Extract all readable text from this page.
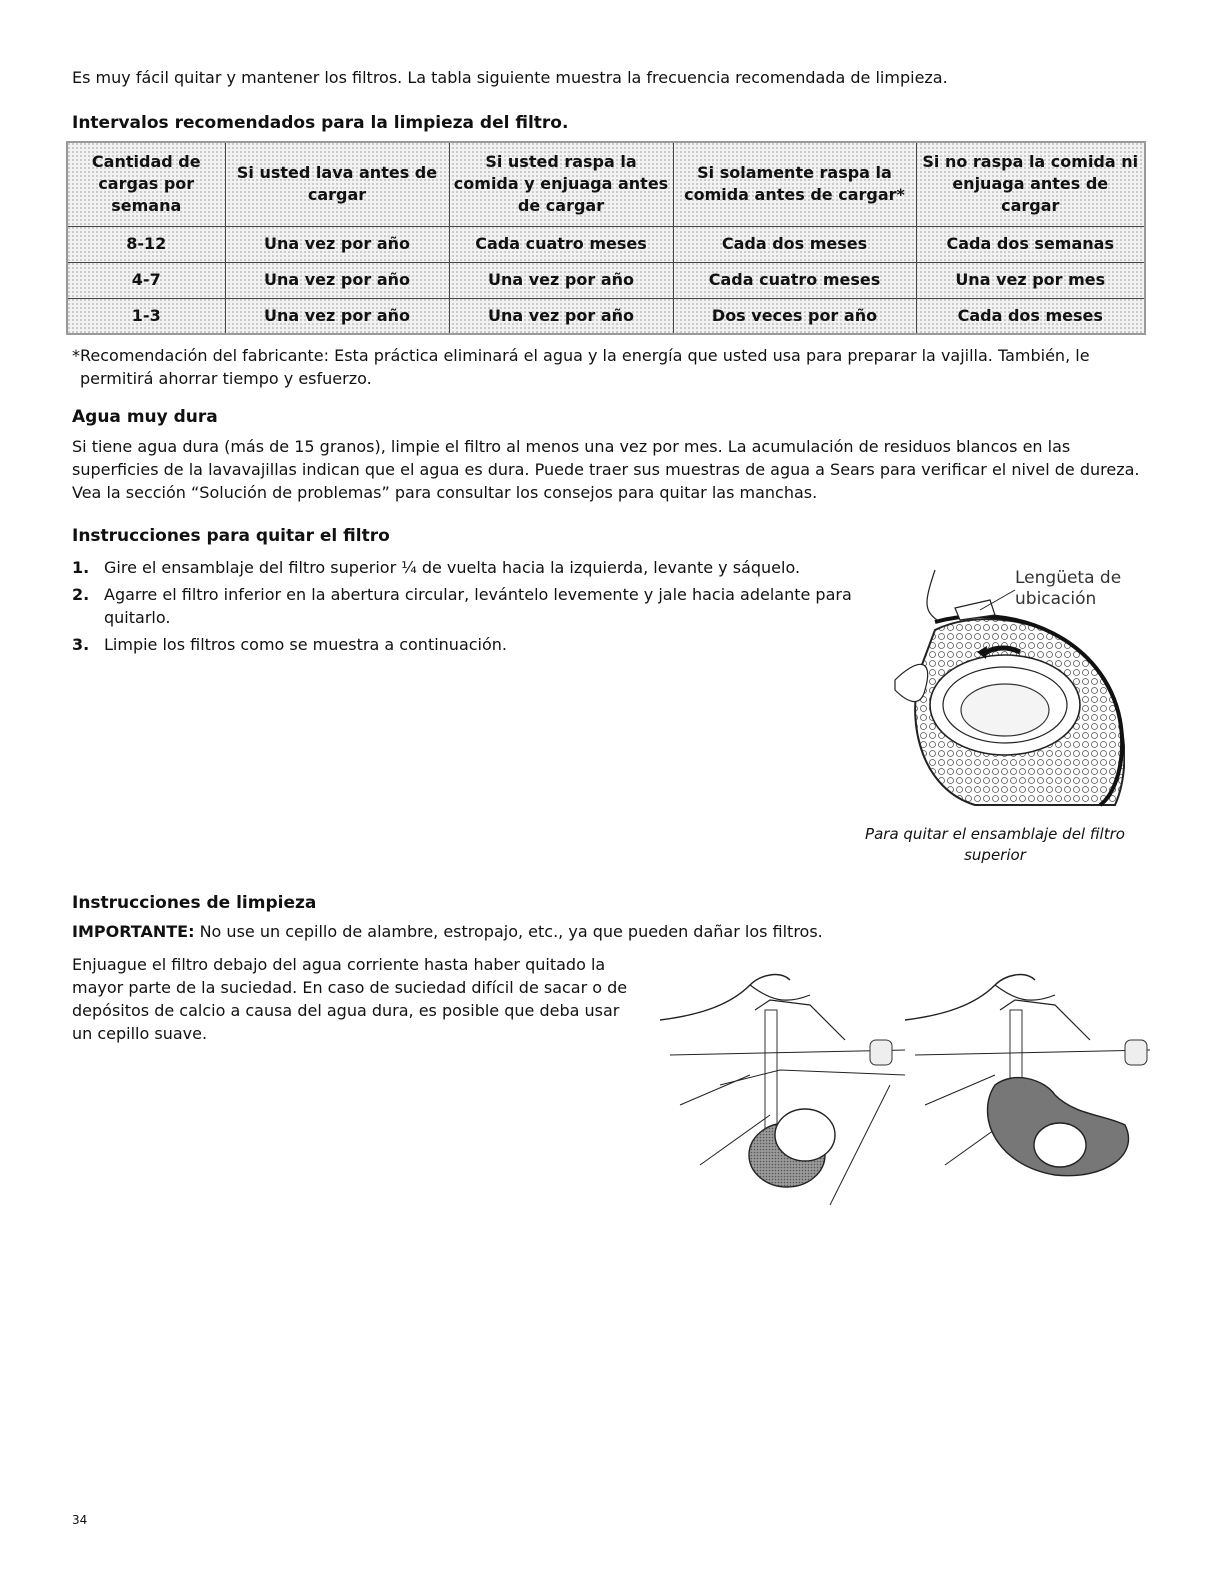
Es muy fácil quitar y mantener los filtros. La tabla siguiente muestra la frecuencia recomendada de limpieza.
Intervalos recomendados para la limpieza del filtro.
Cantidad de cargas por semana	Si usted lava antes de cargar	Si usted raspa la comida y enjuaga antes de cargar	Si solamente raspa la comida antes de cargar*	Si no raspa la comida ni enjuaga antes de cargar
8-12	Una vez por año	Cada cuatro meses	Cada dos meses	Cada dos semanas
4-7	Una vez por año	Una vez por año	Cada cuatro meses	Una vez por mes
1-3	Una vez por año	Una vez por año	Dos veces por año	Cada dos meses
*Recomendación del fabricante: Esta práctica eliminará el agua y la energía que usted usa para preparar la vajilla. También, le
permitirá ahorrar tiempo y esfuerzo.
Agua muy dura
Si tiene agua dura (más de 15 granos), limpie el filtro al menos una vez por mes. La acumulación de residuos blancos en las superficies de la lavavajillas indican que el agua es dura. Puede traer sus muestras de agua a Sears para verificar el nivel de dureza. Vea la sección “Solución de problemas” para consultar los consejos para quitar las manchas.
Instrucciones para quitar el filtro
1. Gire el ensamblaje del filtro superior ¼ de vuelta hacia la izquierda, levante y sáquelo.
2. Agarre el filtro inferior en la abertura circular, levántelo levemente y jale hacia adelante para quitarlo.
3. Limpie los filtros como se muestra a continuación.
Lengüeta de ubicación
Para quitar el ensamblaje del filtro superior
Instrucciones de limpieza
IMPORTANTE: No use un cepillo de alambre, estropajo, etc., ya que pueden dañar los filtros.
Enjuague el filtro debajo del agua corriente hasta haber quitado la mayor parte de la suciedad. En caso de suciedad difícil de sacar o de depósitos de calcio a causa del agua dura, es posible que deba usar un cepillo suave.
34
